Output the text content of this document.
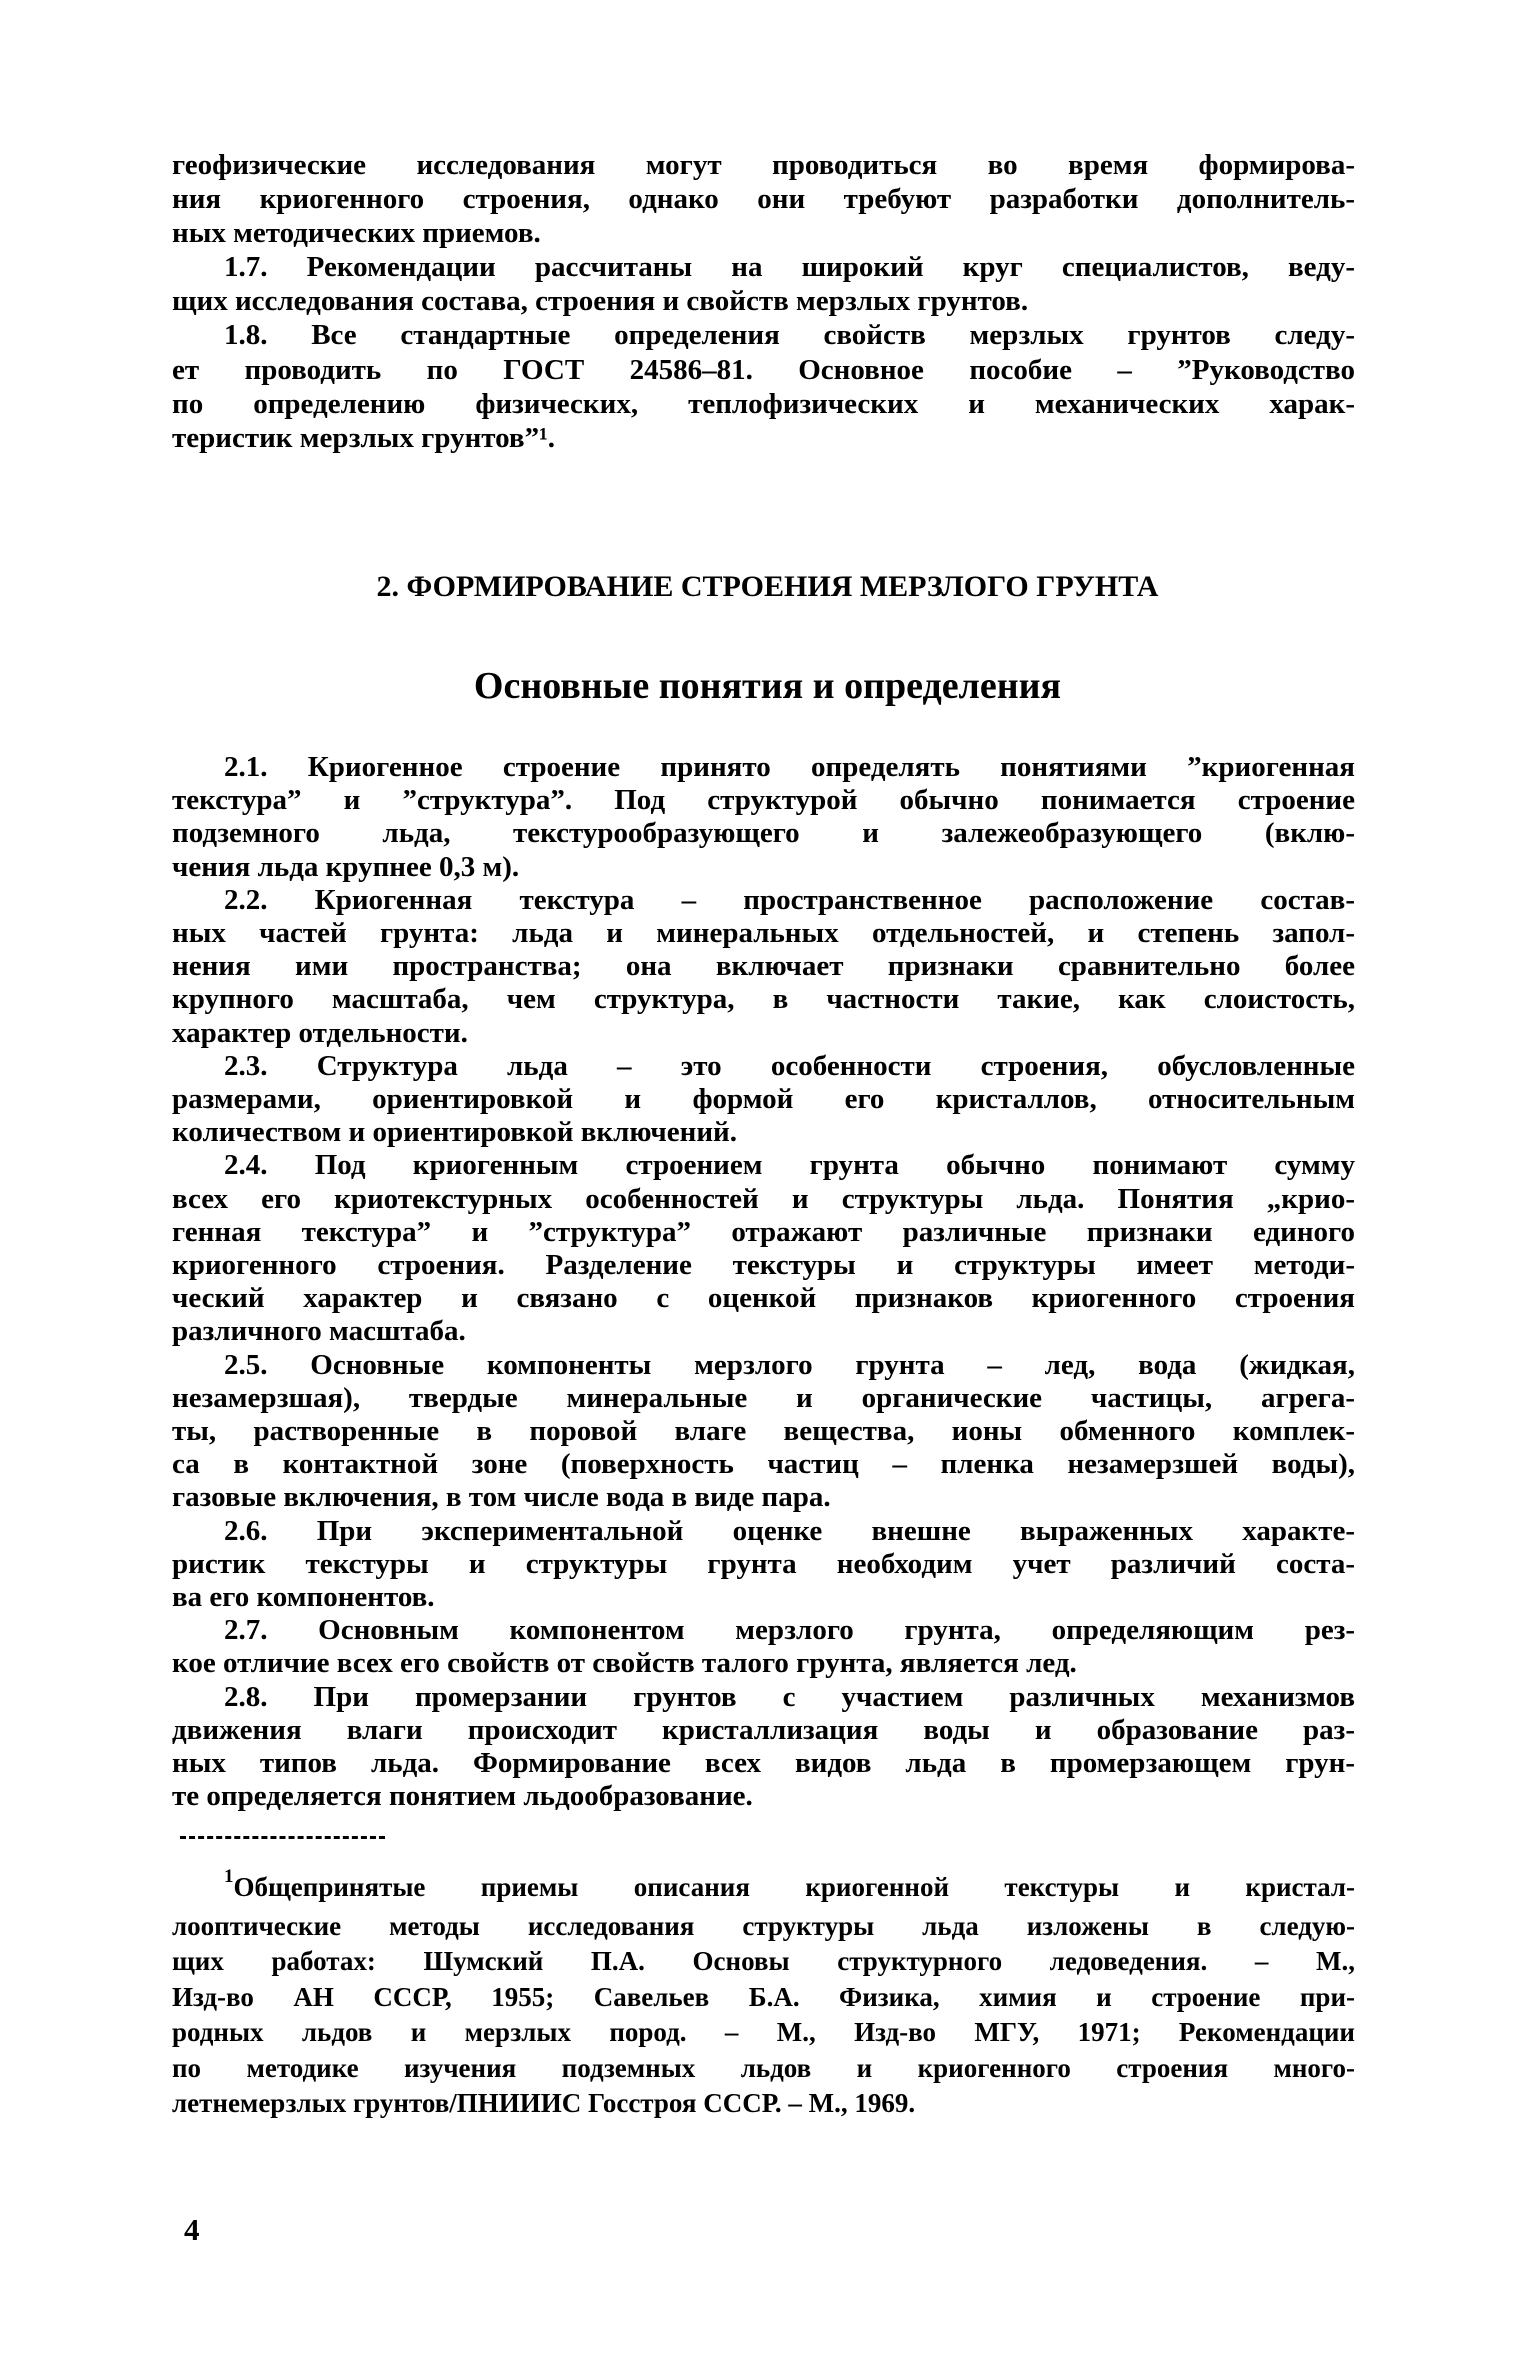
геофизические исследования могут проводиться во время формирова-
ния криогенного строения, однако они требуют разработки дополнитель-
ных методических приемов.
1.7. Рекомендации рассчитаны на широкий круг специалистов, веду-
щих исследования состава, строения и свойств мерзлых грунтов.
1.8. Все стандартные определения свойств мерзлых грунтов следу-
ет проводить по ГОСТ 24586–81. Основное пособие – ”Руководство
по определению физических, теплофизических и механических харак-
теристик мерзлых грунтов”¹.
2. ФОРМИРОВАНИЕ СТРОЕНИЯ МЕРЗЛОГО ГРУНТА
Основные понятия и определения
2.1. Криогенное строение принято определять понятиями ”криогенная
текстура” и ”структура”. Под структурой обычно понимается строение
подземного льда, текстурообразующего и залежеобразующего (вклю-
чения льда крупнее 0,3 м).
2.2. Криогенная текстура – пространственное расположение состав-
ных частей грунта: льда и минеральных отдельностей, и степень запол-
нения ими пространства; она включает признаки сравнительно более
крупного масштаба, чем структура, в частности такие, как слоистость,
характер отдельности.
2.3. Структура льда – это особенности строения, обусловленные
размерами, ориентировкой и формой его кристаллов, относительным
количеством и ориентировкой включений.
2.4. Под криогенным строением грунта обычно понимают сумму
всех его криотекстурных особенностей и структуры льда. Понятия „крио-
генная текстура” и ”структура” отражают различные признаки единого
криогенного строения. Разделение текстуры и структуры имеет методи-
ческий характер и связано с оценкой признаков криогенного строения
различного масштаба.
2.5. Основные компоненты мерзлого грунта – лед, вода (жидкая,
незамерзшая), твердые минеральные и органические частицы, агрега-
ты, растворенные в поровой влаге вещества, ионы обменного комплек-
са в контактной зоне (поверхность частиц – пленка незамерзшей воды),
газовые включения, в том числе вода в виде пара.
2.6. При экспериментальной оценке внешне выраженных характе-
ристик текстуры и структуры грунта необходим учет различий соста-
ва его компонентов.
2.7. Основным компонентом мерзлого грунта, определяющим рез-
кое отличие всех его свойств от свойств талого грунта, является лед.
2.8. При промерзании грунтов с участием различных механизмов
движения влаги происходит кристаллизация воды и образование раз-
ных типов льда. Формирование всех видов льда в промерзающем грун-
те определяется понятием льдообразование.
$^1$Общепринятые приемы описания криогенной текстуры и кристал-
лооптические методы исследования структуры льда изложены в следую-
щих работах: Шумский П.А. Основы структурного ледоведения. – М.,
Изд-во АН СССР, 1955; Савельев Б.А. Физика, химия и строение при-
родных льдов и мерзлых пород. – М., Изд-во МГУ, 1971; Рекомендации
по методике изучения подземных льдов и криогенного строения много-
летнемерзлых грунтов/ПНИИИС Госстроя СССР. – М., 1969.
4
